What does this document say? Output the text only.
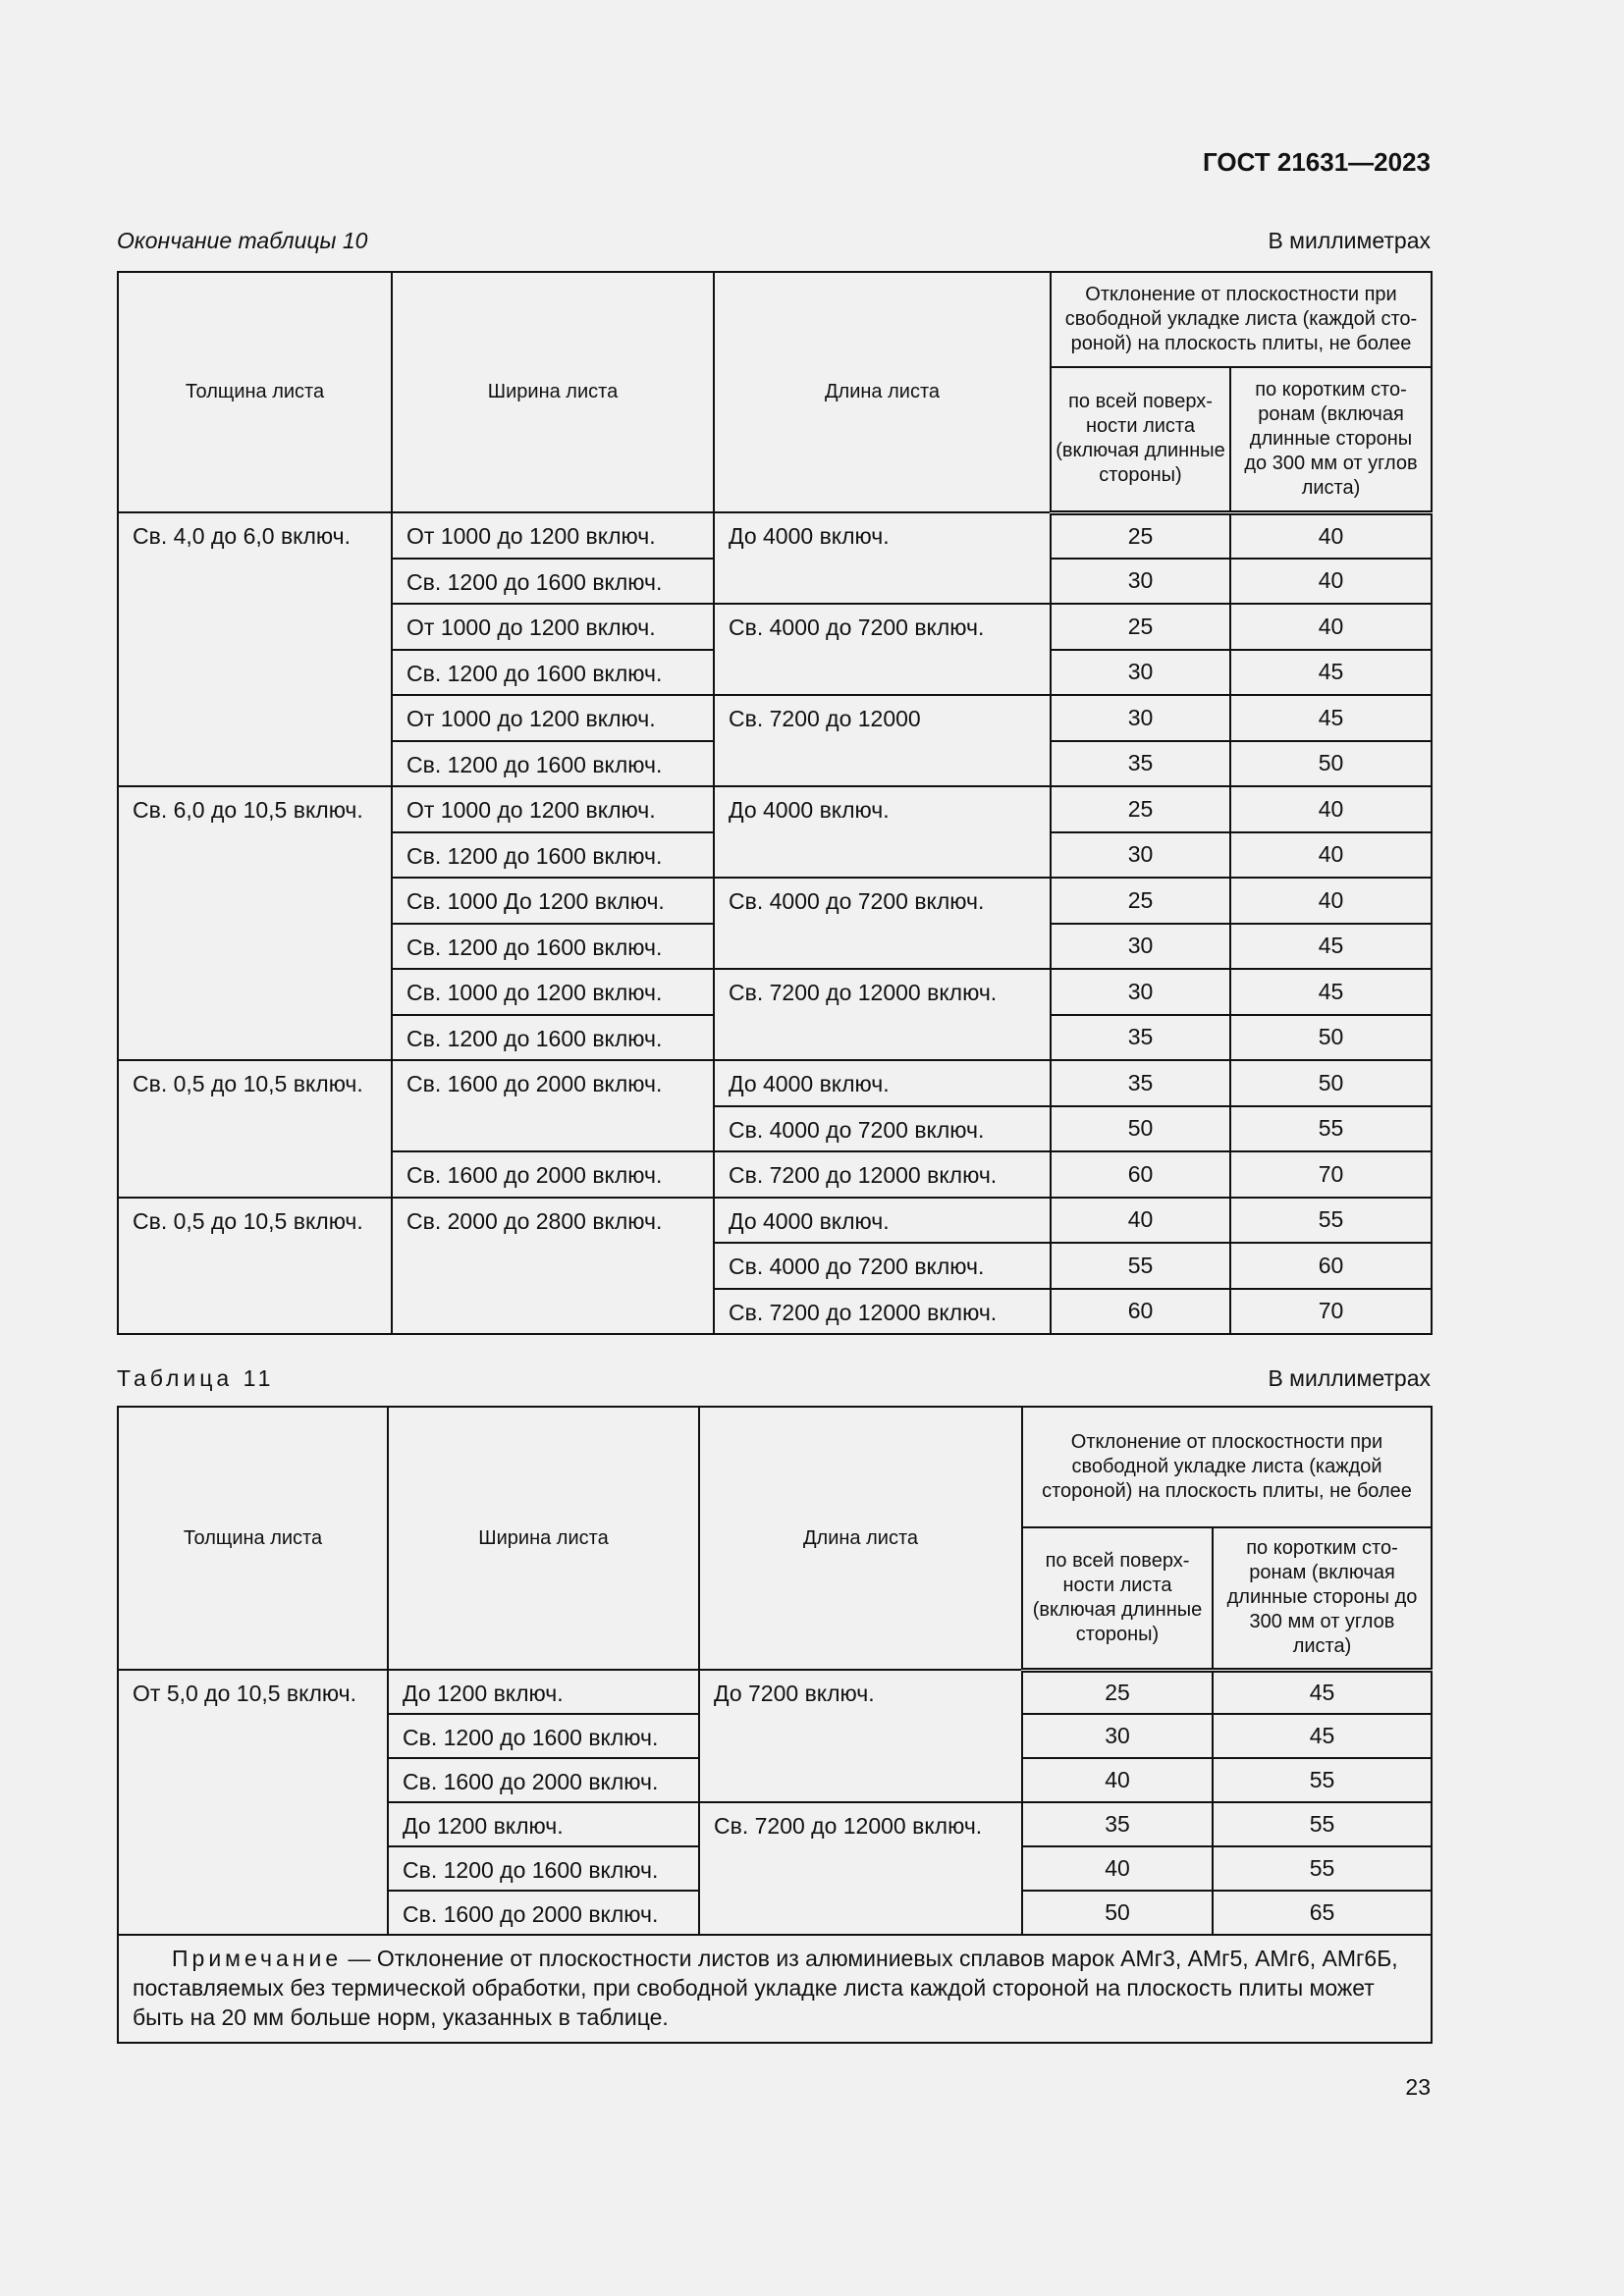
ГОСТ 21631—2023
Окончание таблицы 10	В миллиметрах
Толщина листа	Ширина листа	Длина листа	Отклонение от плоскостности при свободной укладке листа (каждой стороной) на плоскость плиты, не более	
			по всей поверхности листа (включая длинные стороны)	по коротким сторонам (включая длинные стороны до 300 мм от углов листа)
Св. 4,0 до 6,0 включ.	От 1000 до 1200 включ.	До 4000 включ.	25	40
	Св. 1200 до 1600 включ.		30	40
	От 1000 до 1200 включ.	Св. 4000 до 7200 включ.	25	40
	Св. 1200 до 1600 включ.		30	45
	От 1000 до 1200 включ.	Св. 7200 до 12000	30	45
	Св. 1200 до 1600 включ.		35	50
Св. 6,0 до 10,5 включ.	От 1000 до 1200 включ.	До 4000 включ.	25	40
	Св. 1200 до 1600 включ.		30	40
	Св. 1000 До 1200 включ.	Св. 4000 до 7200 включ.	25	40
	Св. 1200 до 1600 включ.		30	45
	Св. 1000 до 1200 включ.	Св. 7200 до 12000 включ.	30	45
	Св. 1200 до 1600 включ.		35	50
Св. 0,5 до 10,5 включ.	Св. 1600 до 2000 включ.	До 4000 включ.	35	50
		Св. 4000 до 7200 включ.	50	55
	Св. 1600 до 2000 включ.	Св. 7200 до 12000 включ.	60	70
Св. 0,5 до 10,5 включ.	Св. 2000 до 2800 включ.	До 4000 включ.	40	55
		Св. 4000 до 7200 включ.	55	60
		Св. 7200 до 12000 включ.	60	70
Таблица 11	В миллиметрах
Толщина листа	Ширина листа	Длина листа	Отклонение от плоскостности при свободной укладке листа (каждой стороной) на плоскость плиты, не более	
			по всей поверхности листа (включая длинные стороны)	по коротким сторонам (включая длинные стороны до 300 мм от углов листа)
От 5,0 до 10,5 включ.	До 1200 включ.	До 7200 включ.	25	45
	Св. 1200 до 1600 включ.		30	45
	Св. 1600 до 2000 включ.		40	55
	До 1200 включ.	Св. 7200 до 12000 включ.	35	55
	Св. 1200 до 1600 включ.		40	55
	Св. 1600 до 2000 включ.		50	65
Примечание — Отклонение от плоскостности листов из алюминиевых сплавов марок АМг3, АМг5, АМг6, АМг6Б, поставляемых без термической обработки, при свободной укладке листа каждой стороной на плоскость плиты может быть на 20 мм больше норм, указанных в таблице.				
23
